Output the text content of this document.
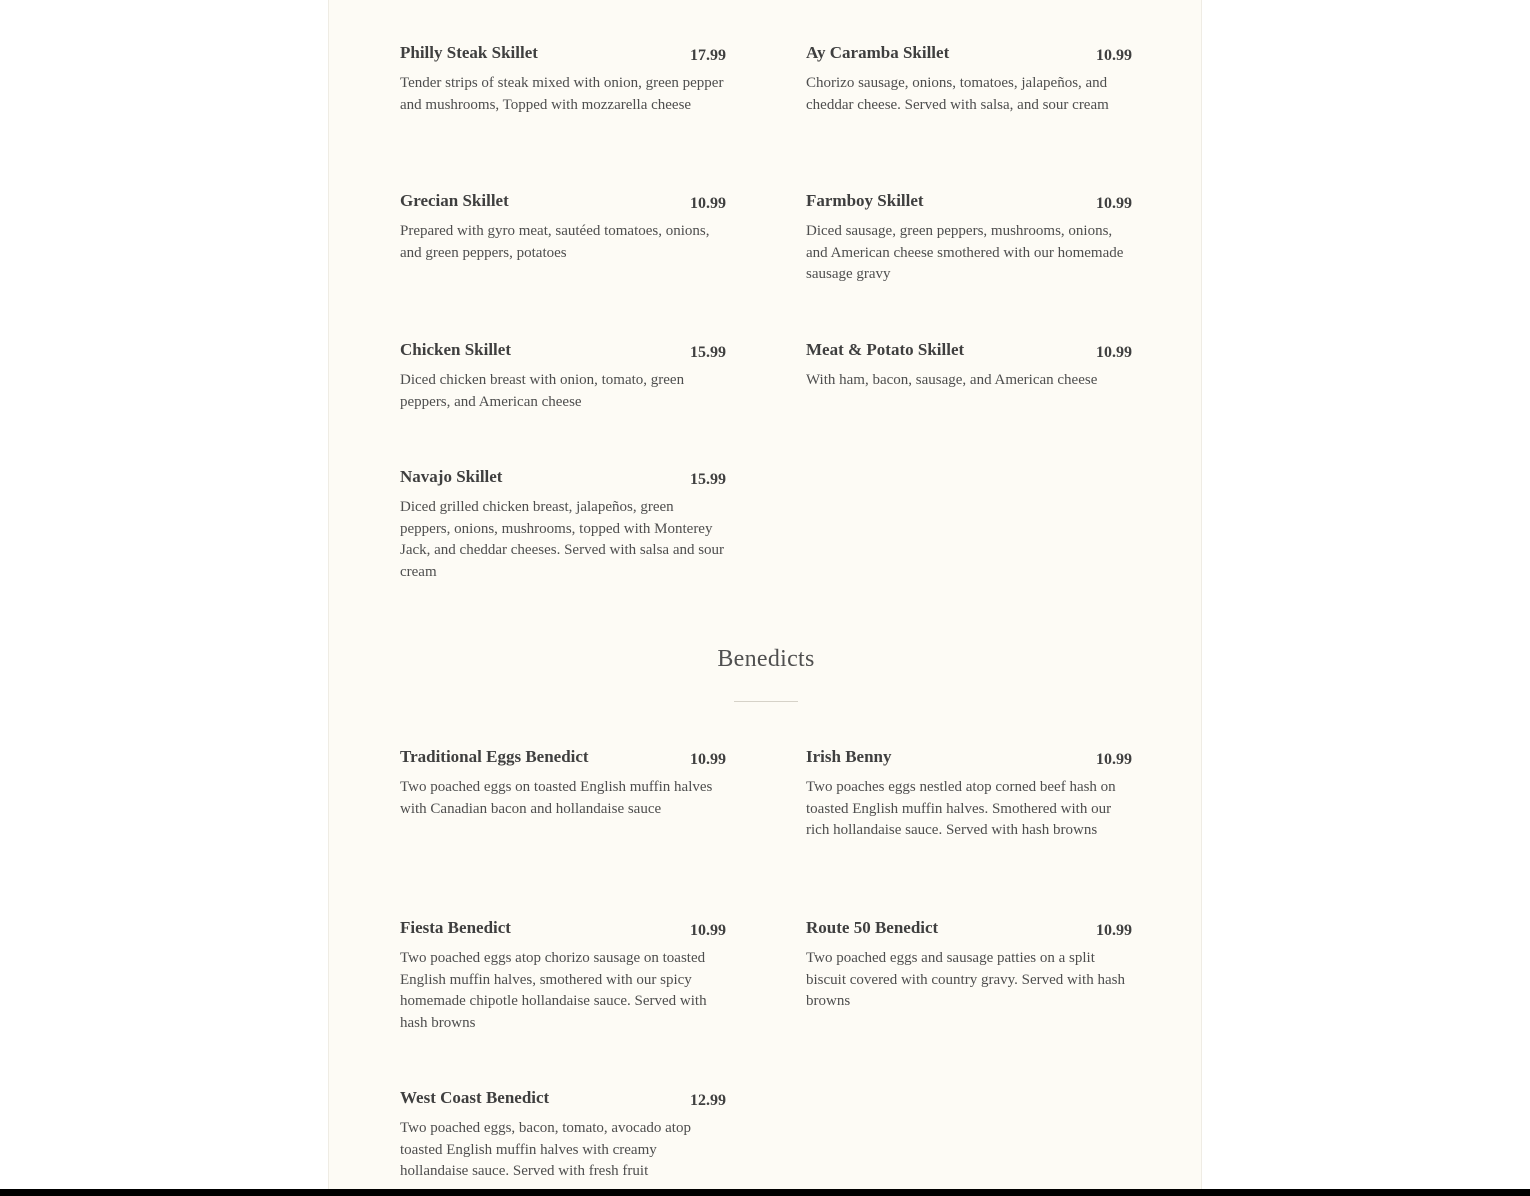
Philly Steak Skillet	17.99
Tender strips of steak mixed with onion, green pepper and mushrooms, Topped with mozzarella cheese
Ay Caramba Skillet	10.99
Chorizo sausage, onions, tomatoes, jalapeños, and cheddar cheese. Served with salsa, and sour cream
Grecian Skillet	10.99
Prepared with gyro meat, sautéed tomatoes, onions, and green peppers, potatoes
Farmboy Skillet	10.99
Diced sausage, green peppers, mushrooms, onions, and American cheese smothered with our homemade sausage gravy
Chicken Skillet	15.99
Diced chicken breast with onion, tomato, green peppers, and American cheese
Meat & Potato Skillet	10.99
With ham, bacon, sausage, and American cheese
Navajo Skillet	15.99
Diced grilled chicken breast, jalapeños, green peppers, onions, mushrooms, topped with Monterey Jack, and cheddar cheeses. Served with salsa and sour cream
Benedicts
Traditional Eggs Benedict	10.99
Two poached eggs on toasted English muffin halves with Canadian bacon and hollandaise sauce
Irish Benny	10.99
Two poaches eggs nestled atop corned beef hash on toasted English muffin halves. Smothered with our rich hollandaise sauce. Served with hash browns
Fiesta Benedict	10.99
Two poached eggs atop chorizo sausage on toasted English muffin halves, smothered with our spicy homemade chipotle hollandaise sauce. Served with hash browns
Route 50 Benedict	10.99
Two poached eggs and sausage patties on a split biscuit covered with country gravy. Served with hash browns
West Coast Benedict	12.99
Two poached eggs, bacon, tomato, avocado atop toasted English muffin halves with creamy hollandaise sauce. Served with fresh fruit
